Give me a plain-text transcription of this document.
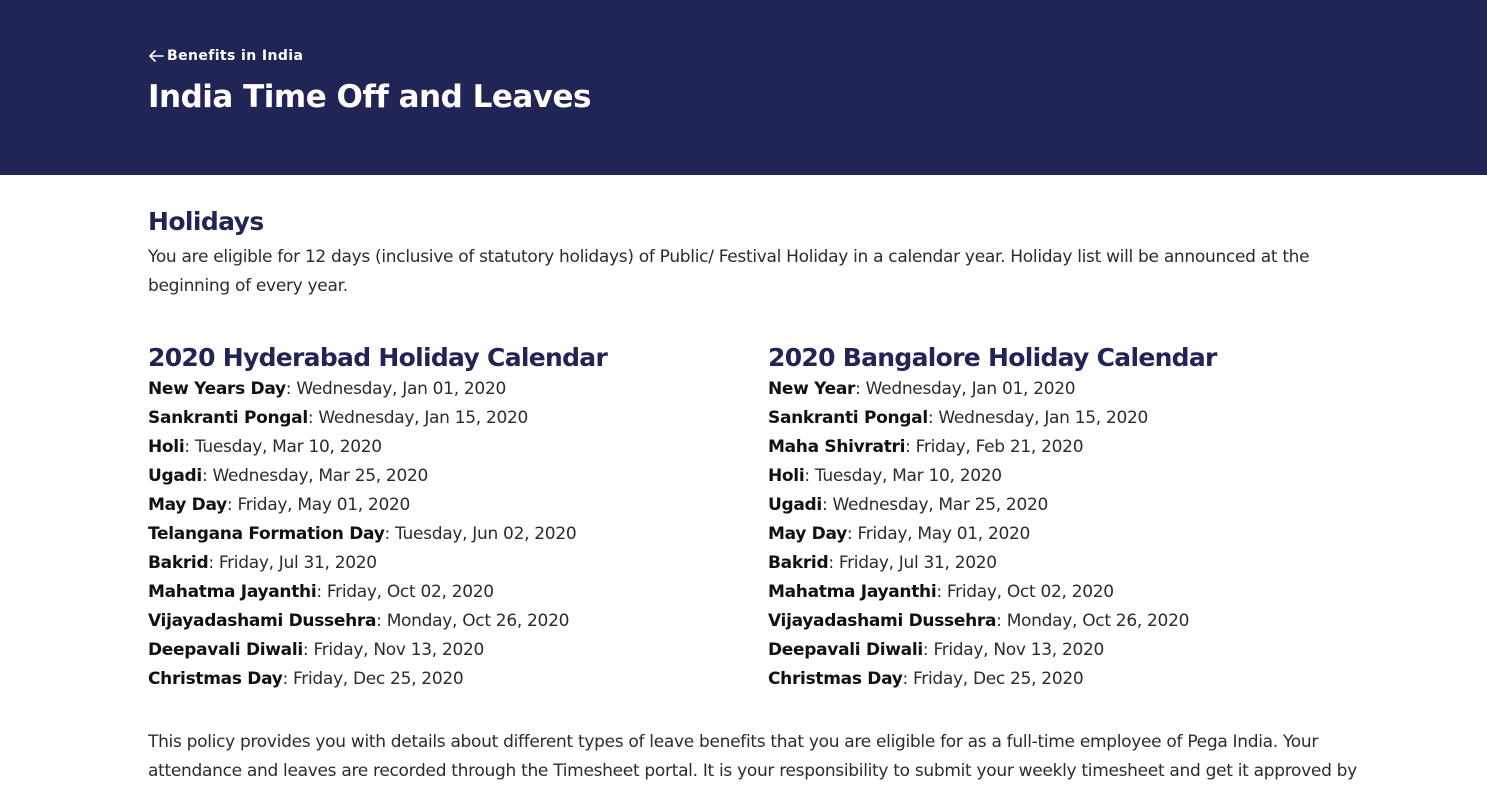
Benefits in India
India Time Off and Leaves
Holidays

You are eligible for 12 days (inclusive of statutory holidays) of Public/ Festival Holiday in a calendar year. Holiday list will be announced at the beginning of every year.

2020 Hyderabad Holiday Calendar
New Years Day: Wednesday, Jan 01, 2020
Sankranti Pongal: Wednesday, Jan 15, 2020
Holi: Tuesday, Mar 10, 2020
Ugadi: Wednesday, Mar 25, 2020
May Day: Friday, May 01, 2020
Telangana Formation Day: Tuesday, Jun 02, 2020
Bakrid: Friday, Jul 31, 2020
Mahatma Jayanthi: Friday, Oct 02, 2020
Vijayadashami Dussehra: Monday, Oct 26, 2020
Deepavali Diwali: Friday, Nov 13, 2020
Christmas Day: Friday, Dec 25, 2020
2020 Bangalore Holiday Calendar
New Year: Wednesday, Jan 01, 2020
Sankranti Pongal: Wednesday, Jan 15, 2020
Maha Shivratri: Friday, Feb 21, 2020
Holi: Tuesday, Mar 10, 2020
Ugadi: Wednesday, Mar 25, 2020
May Day: Friday, May 01, 2020
Bakrid: Friday, Jul 31, 2020
Mahatma Jayanthi: Friday, Oct 02, 2020
Vijayadashami Dussehra: Monday, Oct 26, 2020
Deepavali Diwali: Friday, Nov 13, 2020
Christmas Day: Friday, Dec 25, 2020

This policy provides you with details about different types of leave benefits that you are eligible for as a full-time employee of Pega India. Your attendance and leaves are recorded through the Timesheet portal. It is your responsibility to submit your weekly timesheet and get it approved by
